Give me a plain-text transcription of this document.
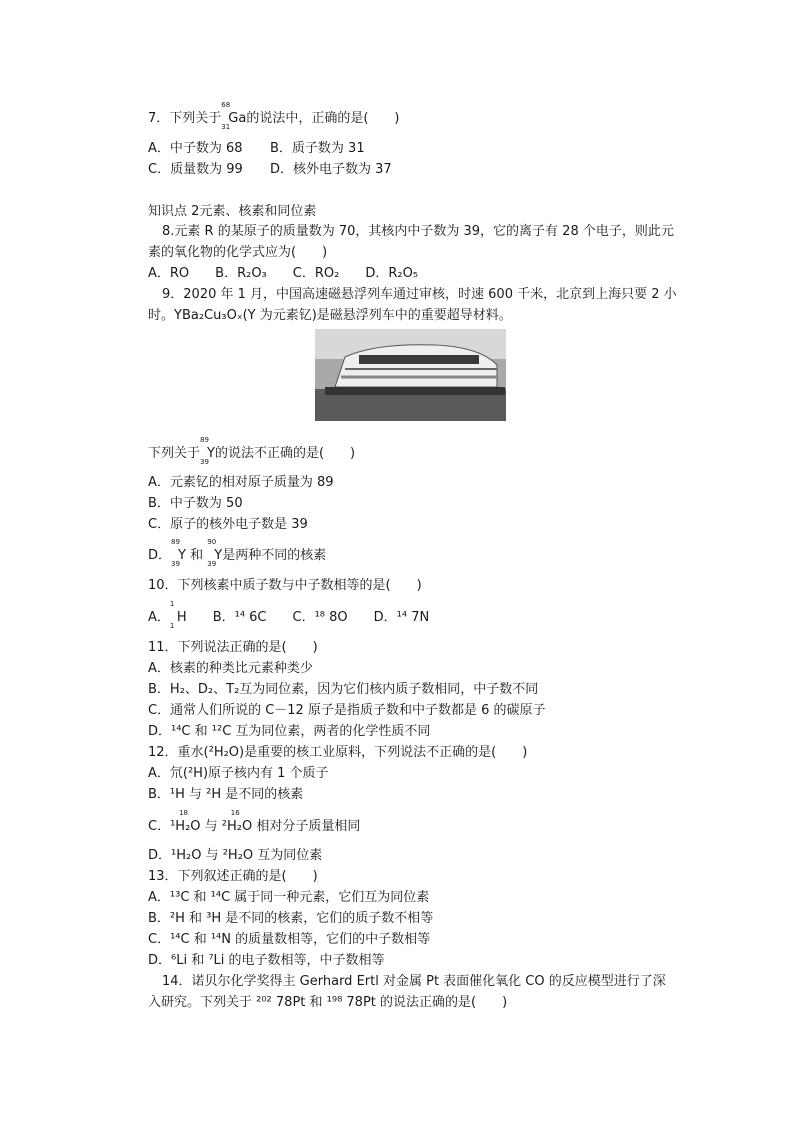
7．下列关于
68
31
Ga的说法中，正确的是(　　)
A．中子数为 68 B．质子数为 31
C．质量数为 99 D．核外电子数为 37
知识点 2元素、核素和同位素
8.元素 R 的某原子的质量数为 70，其核内中子数为 39，它的离子有 28 个电子，则此元
素的氧化物的化学式应为(　　)
A．RO　　B．R₂O₃　　C．RO₂　　D．R₂O₅
9．2020 年 1 月，中国高速磁悬浮列车通过审核，时速 600 千米，北京到上海只要 2 小
时。YBa₂Cu₃Oₓ(Y 为元素钇)是磁悬浮列车中的重要超导材料。
下列关于
89
39
Y的说法不正确的是(　　)
A．元素钇的相对原子质量为 89
B．中子数为 50
C．原子的核外电子数是 39
D．
89
39
Y 和
90
39
Y是两种不同的核素
10．下列核素中质子数与中子数相等的是(　　)
A．
1
1
H　　B．¹⁴ 6C　　C．¹⁸ 8O　　D．¹⁴ 7N
11．下列说法正确的是(　　)
A．核素的种类比元素种类少
B．H₂、D₂、T₂互为同位素，因为它们核内质子数相同，中子数不同
C．通常人们所说的 C－12 原子是指质子数和中子数都是 6 的碳原子
D．¹⁴C 和 ¹²C 互为同位素，两者的化学性质不同
12．重水(²H₂O)是重要的核工业原料，下列说法不正确的是(　　)
A．氘(²H)原子核内有 1 个质子
B．¹H 与 ²H 是不同的核素
C．¹H
18
₂O 与 ²H
16
₂O 相对分子质量相同
D．¹H₂O 与 ²H₂O 互为同位素
13．下列叙述正确的是(　　)
A．¹³C 和 ¹⁴C 属于同一种元素，它们互为同位素
B．²H 和 ³H 是不同的核素，它们的质子数不相等
C．¹⁴C 和 ¹⁴N 的质量数相等，它们的中子数相等
D．⁶Li 和 ⁷Li 的电子数相等，中子数相等
14．诺贝尔化学奖得主 Gerhard Ertl 对金属 Pt 表面催化氧化 CO 的反应模型进行了深
入研究。下列关于 ²⁰² 78Pt 和 ¹⁹⁸ 78Pt 的说法正确的是(　　)
